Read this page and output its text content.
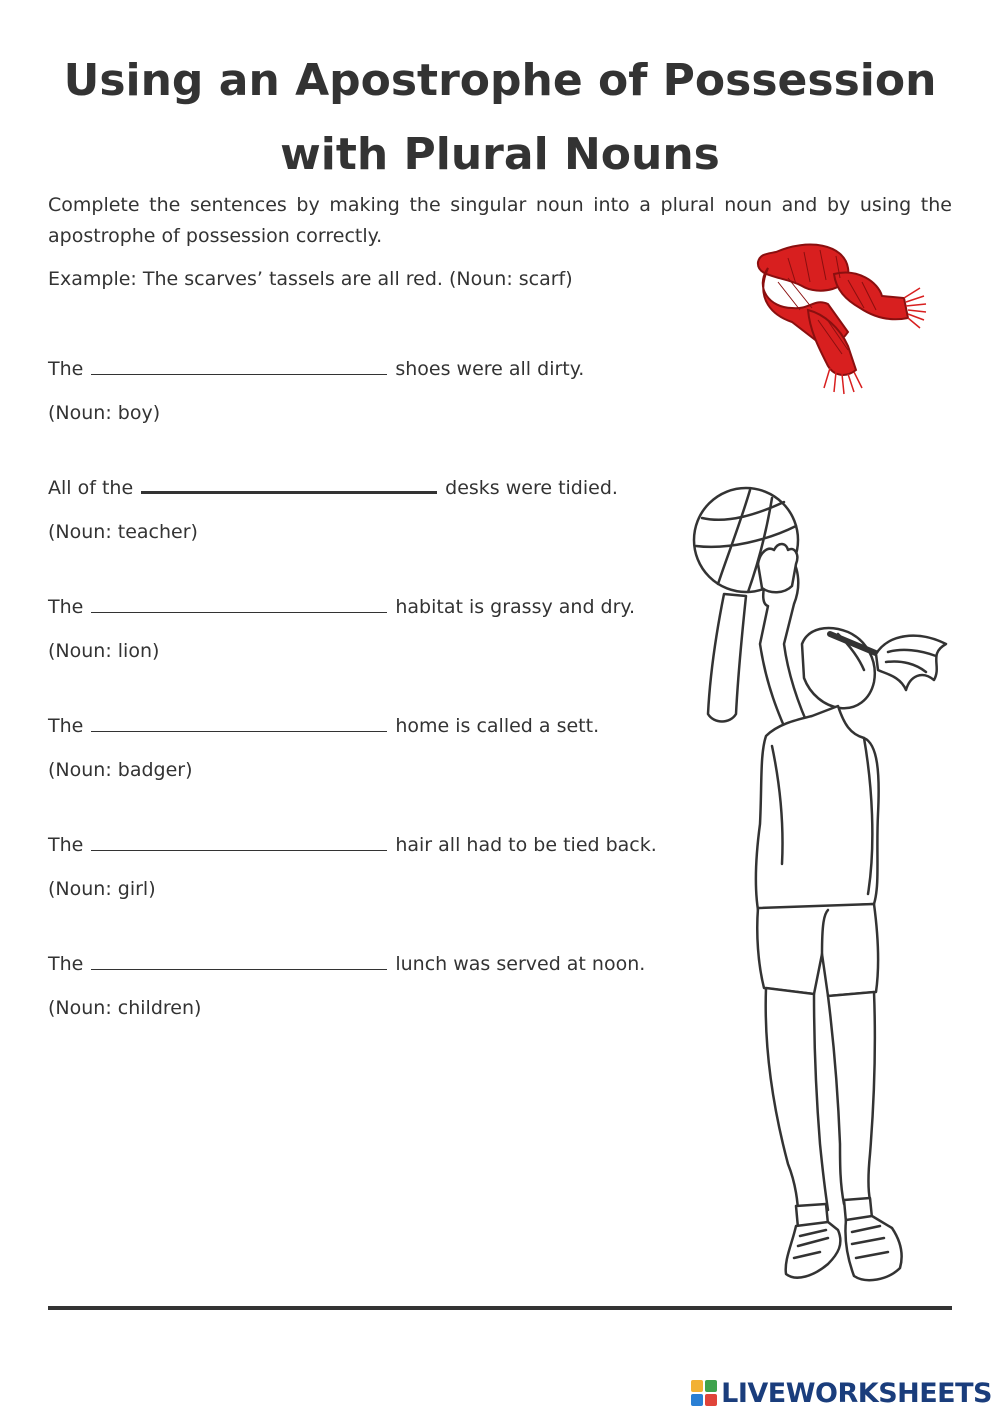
Using an Apostrophe of Possession with Plural Nouns

Complete the sentences by making the singular noun into a plural noun and by using the apostrophe of possession correctly.

Example: The scarves’ tassels are all red. (Noun: scarf)

The	shoes were all dirty.
(Noun: boy)
All of the	desks were tidied.
(Noun: teacher)
The	habitat is grassy and dry.
(Noun: lion)
The	home is called a sett.
(Noun: badger)
The	hair all had to be tied back.
(Noun: girl)
The	lunch was served at noon.
(Noun: children)
LIVEWORKSHEETS
